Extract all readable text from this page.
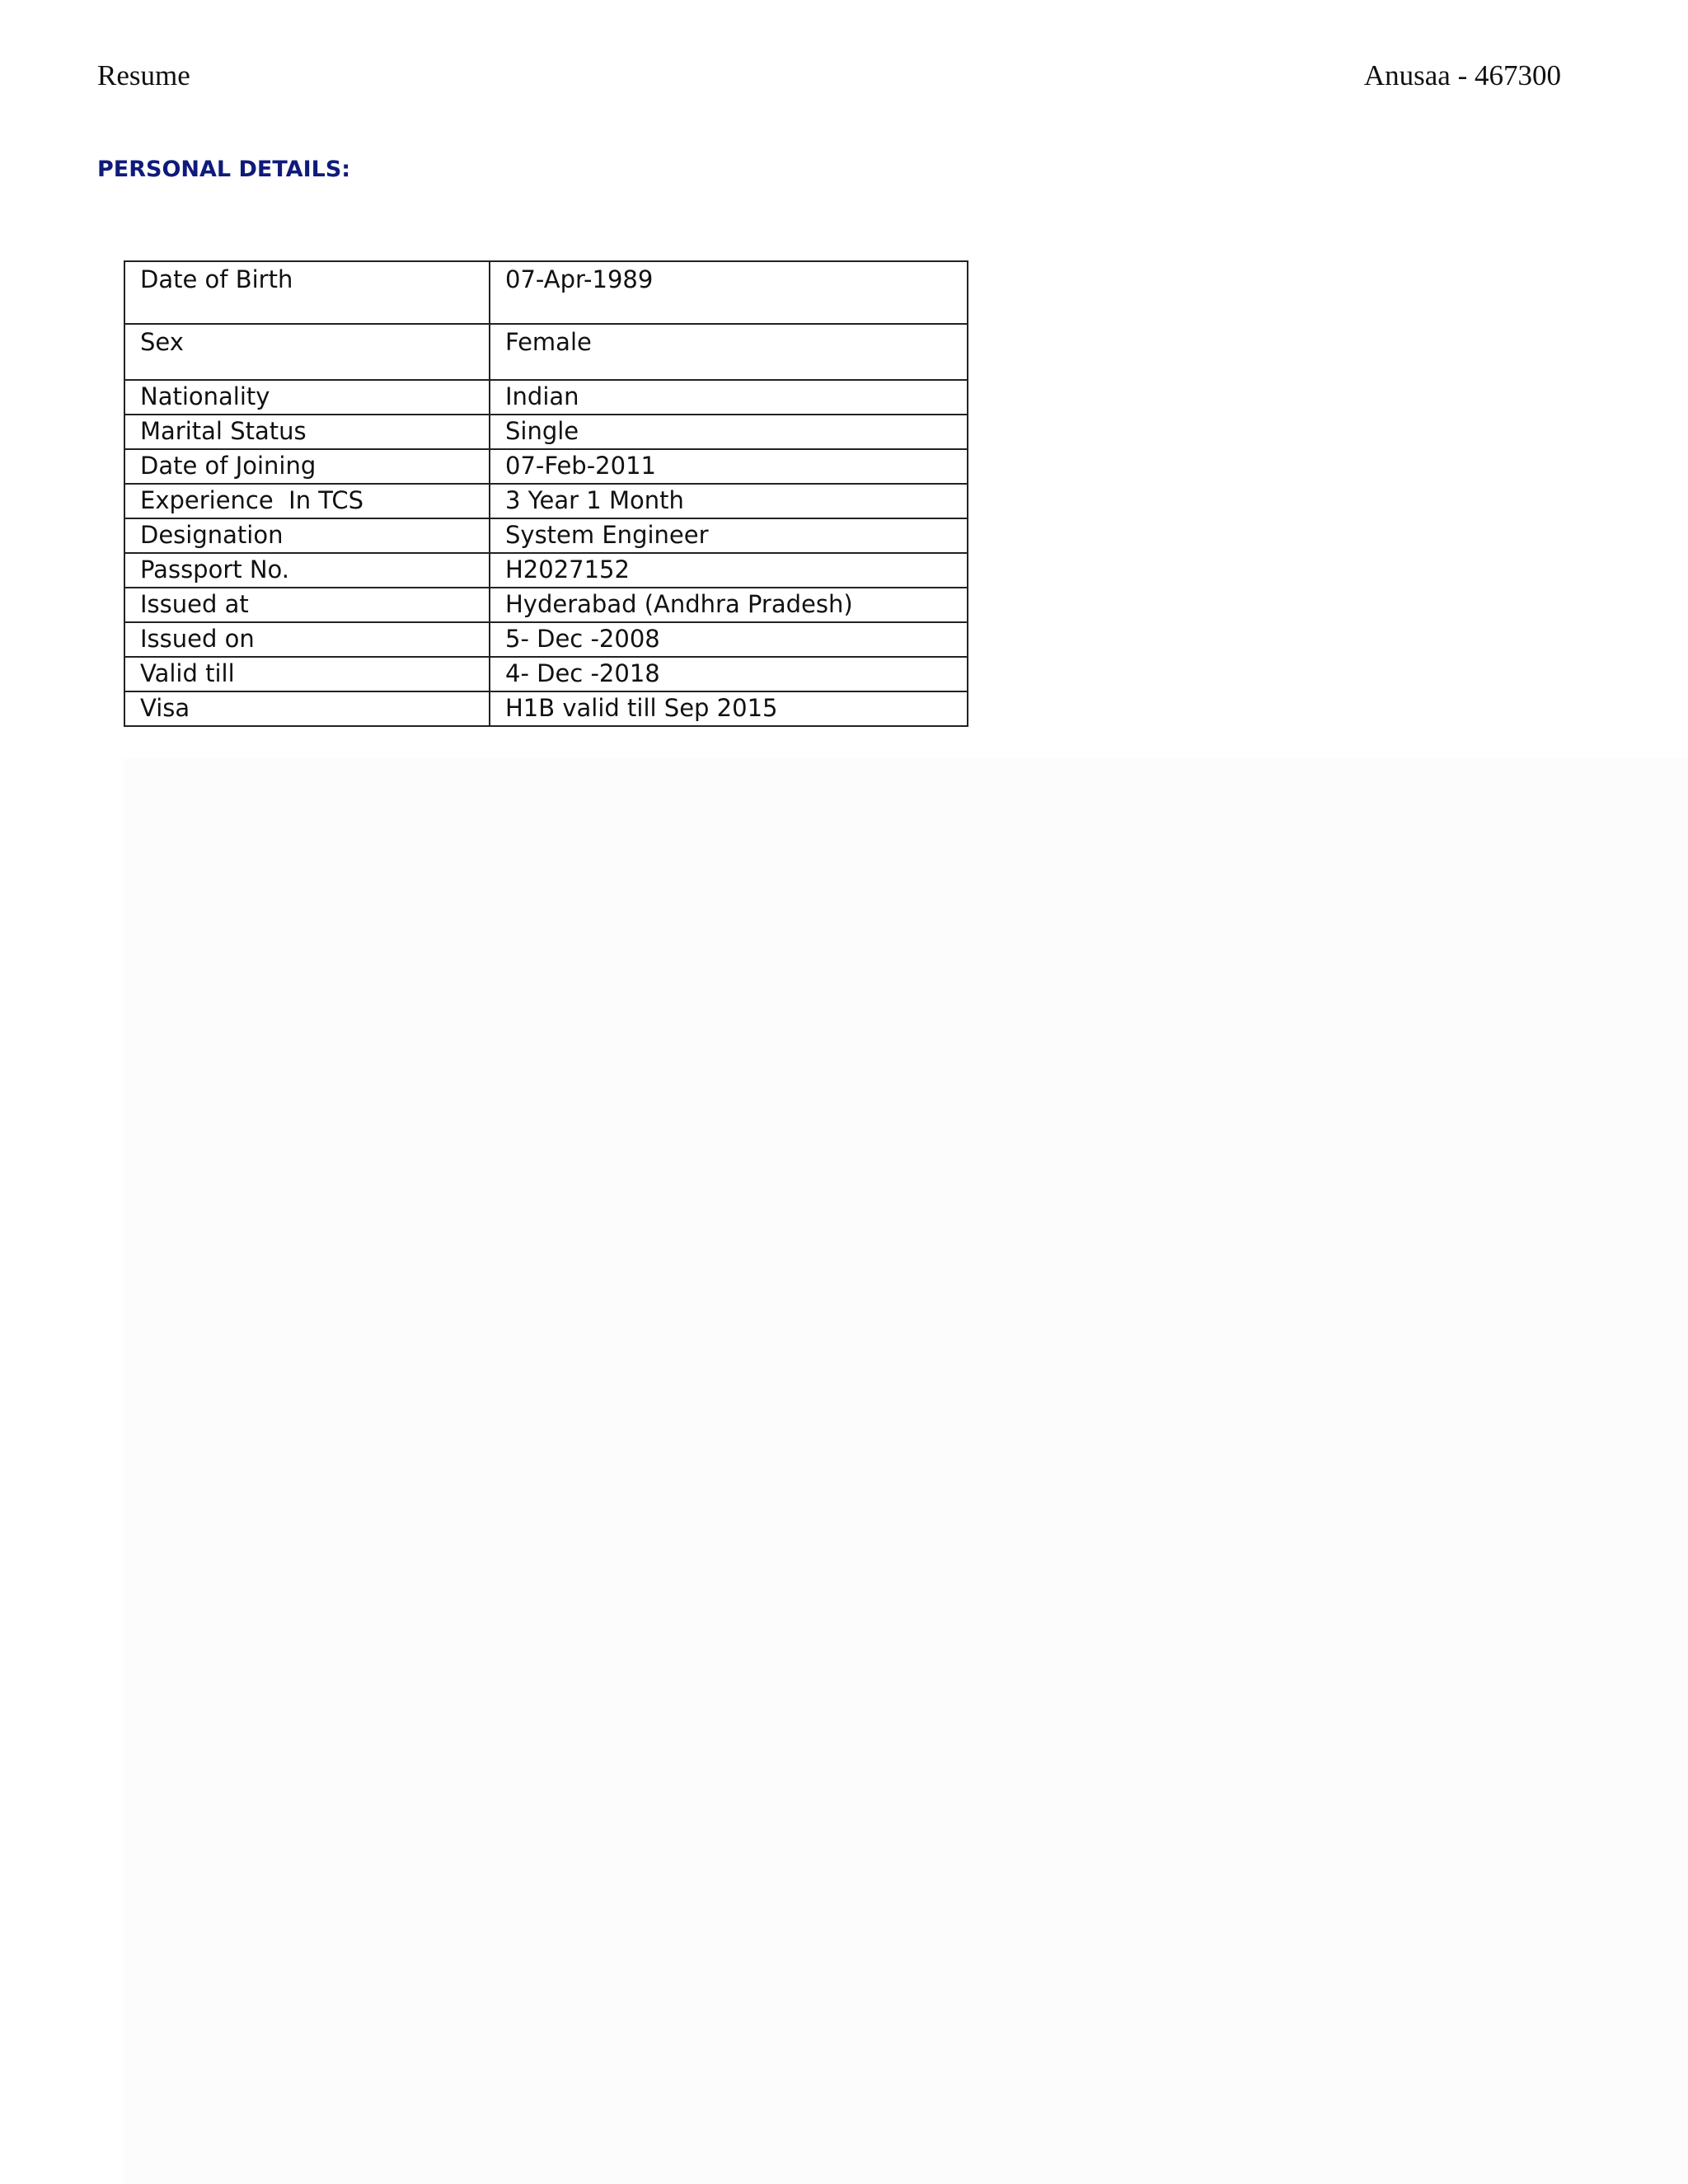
Resume	Anusaa - 467300
PERSONAL DETAILS:
Date of Birth	07-Apr-1989
Sex	Female
Nationality	Indian
Marital Status	Single
Date of Joining	07-Feb-2011
Experience  In TCS	3 Year 1 Month
Designation	System Engineer
Passport No.	H2027152
Issued at	Hyderabad (Andhra Pradesh)
Issued on	5- Dec -2008
Valid till	4- Dec -2018
Visa	H1B valid till Sep 2015
